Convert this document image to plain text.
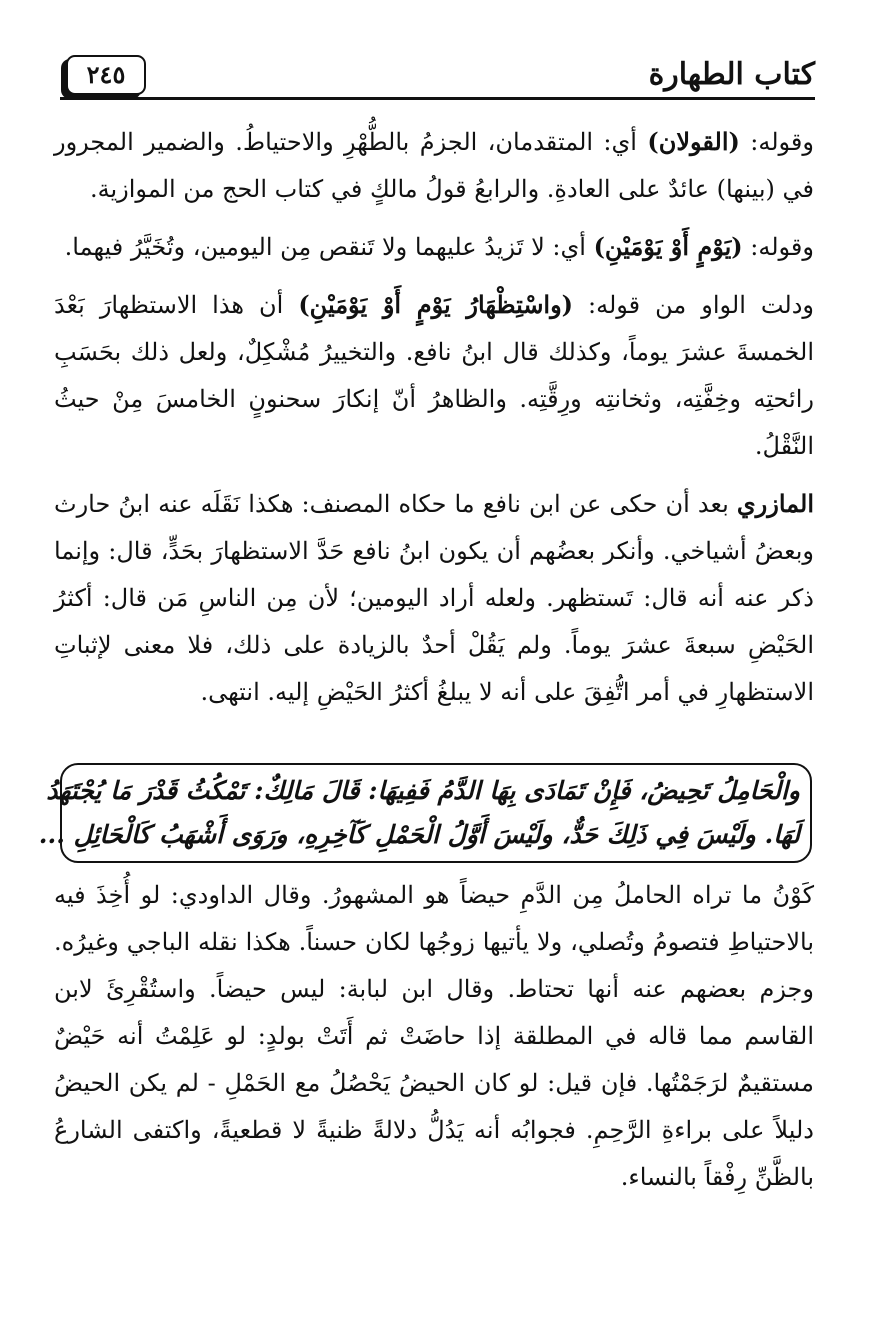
كتاب الطهارة
٢٤٥

وقوله: (القولان) أي: المتقدمان، الجزمُ بالطُّهْرِ والاحتياطُ. والضمير المجرور في (بينها) عائدٌ على العادةِ. والرابعُ قولُ مالكٍ في كتاب الحج من الموازية.

وقوله: (يَوْمٍ أَوْ يَوْمَيْنِ) أي: لا تَزيدُ عليهما ولا تَنقص مِن اليومين، وتُخَيَّرُ فيهما.

ودلت الواو من قوله: (واسْتِظْهَارُ يَوْمٍ أَوْ يَوْمَيْنِ) أن هذا الاستظهارَ بَعْدَ الخمسةَ عشرَ يوماً، وكذلك قال ابنُ نافع. والتخييرُ مُشْكِلٌ، ولعل ذلك بحَسَبِ رائحتِه وخِفَّتِه، وثخانتِه ورِقَّتِه. والظاهرُ أنّ إنكارَ سحنونٍ الخامسَ مِنْ حيثُ النَّقْلُ.

المازري بعد أن حكى عن ابن نافع ما حكاه المصنف: هكذا نَقَلَه عنه ابنُ حارث وبعضُ أشياخي. وأنكر بعضُهم أن يكون ابنُ نافع حَدَّ الاستظهارَ بحَدٍّ، قال: وإنما ذكر عنه أنه قال: تَستظهر. ولعله أراد اليومين؛ لأن مِن الناسِ مَن قال: أكثرُ الحَيْضِ سبعةَ عشرَ يوماً. ولم يَقُلْ أحدٌ بالزيادة على ذلك، فلا معنى لإثباتِ الاستظهارِ في أمر اتُّفِقَ على أنه لا يبلغُ أكثرُ الحَيْضِ إليه. انتهى.

والْحَامِلُ تَحِيضُ، فَإِنْ تَمَادَى بِهَا الدَّمُ فَفِيهَا: قَالَ مَالِكٌ: تَمْكُثُ قَدْرَ مَا يُجْتَهَدُ

لَهَا. ولَيْسَ فِي ذَلِكَ حَدٌّ، ولَيْسَ أَوَّلُ الْحَمْلِ كَآخِرِهِ، ورَوَى أَشْهَبُ كَالْحَائِلِ ...

كَوْنُ ما تراه الحاملُ مِن الدَّمِ حيضاً هو المشهورُ. وقال الداودي: لو أُخِذَ فيه بالاحتياطِ فتصومُ وتُصلي، ولا يأتيها زوجُها لكان حسناً. هكذا نقله الباجي وغيرُه. وجزم بعضهم عنه أنها تحتاط. وقال ابن لبابة: ليس حيضاً. واستُقْرِئَ لابن القاسم مما قاله في المطلقة إذا حاضَتْ ثم أَتَتْ بولدٍ: لو عَلِمْتُ أنه حَيْضٌ مستقيمٌ لرَجَمْتُها. فإن قيل: لو كان الحيضُ يَحْصُلُ مع الحَمْلِ - لم يكن الحيضُ دليلاً على براءةِ الرَّحِمِ. فجوابُه أنه يَدُلُّ دلالةً ظنيةً لا قطعيةً، واكتفى الشارعُ بالظَّنِّ رِفْقاً بالنساء.
